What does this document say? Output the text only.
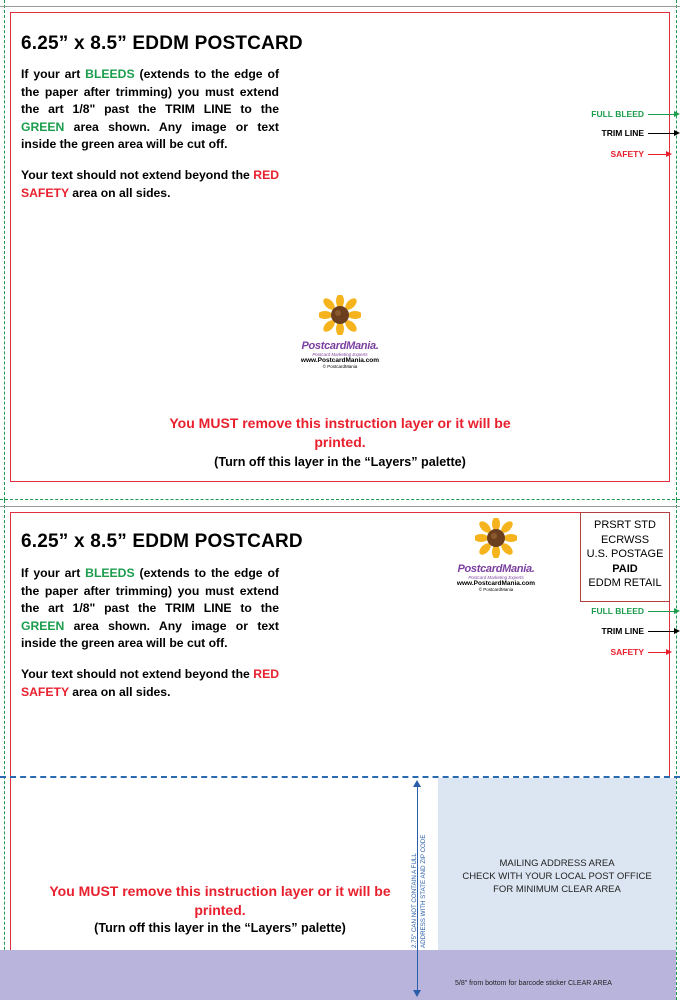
6.25” x 8.5” EDDM POSTCARD
If your art BLEEDS (extends to the edge of the paper after trimming) you must extend the art 1/8" past the TRIM LINE to the GREEN area shown. Any image or text inside the green area will be cut off.
Your text should not extend beyond the RED SAFETY area on all sides.
FULL BLEED
TRIM LINE
SAFETY
PostcardMania.
Postcard Marketing Experts
www.PostcardMania.com
© PostcardMania
You MUST remove this instruction layer or it will be printed.
(Turn off this layer in the “Layers” palette)
6.25” x 8.5” EDDM POSTCARD
If your art BLEEDS (extends to the edge of the paper after trimming) you must extend the art 1/8" past the TRIM LINE to the GREEN area shown. Any image or text inside the green area will be cut off.
Your text should not extend beyond the RED SAFETY area on all sides.
PostcardMania.
Postcard Marketing Experts
www.PostcardMania.com
© PostcardMania
PRSRT STD
ECRWSS
U.S. POSTAGE
PAID
EDDM RETAIL
FULL BLEED
TRIM LINE
SAFETY
MAILING ADDRESS AREA
CHECK WITH YOUR LOCAL POST OFFICE
FOR MINIMUM CLEAR AREA
5/8" from bottom for barcode sticker CLEAR AREA
2.75" CAN NOT CONTAIN A FULL ADDRESS WITH STATE AND ZIP CODE
You MUST remove this instruction layer or it will be printed.
(Turn off this layer in the “Layers” palette)
